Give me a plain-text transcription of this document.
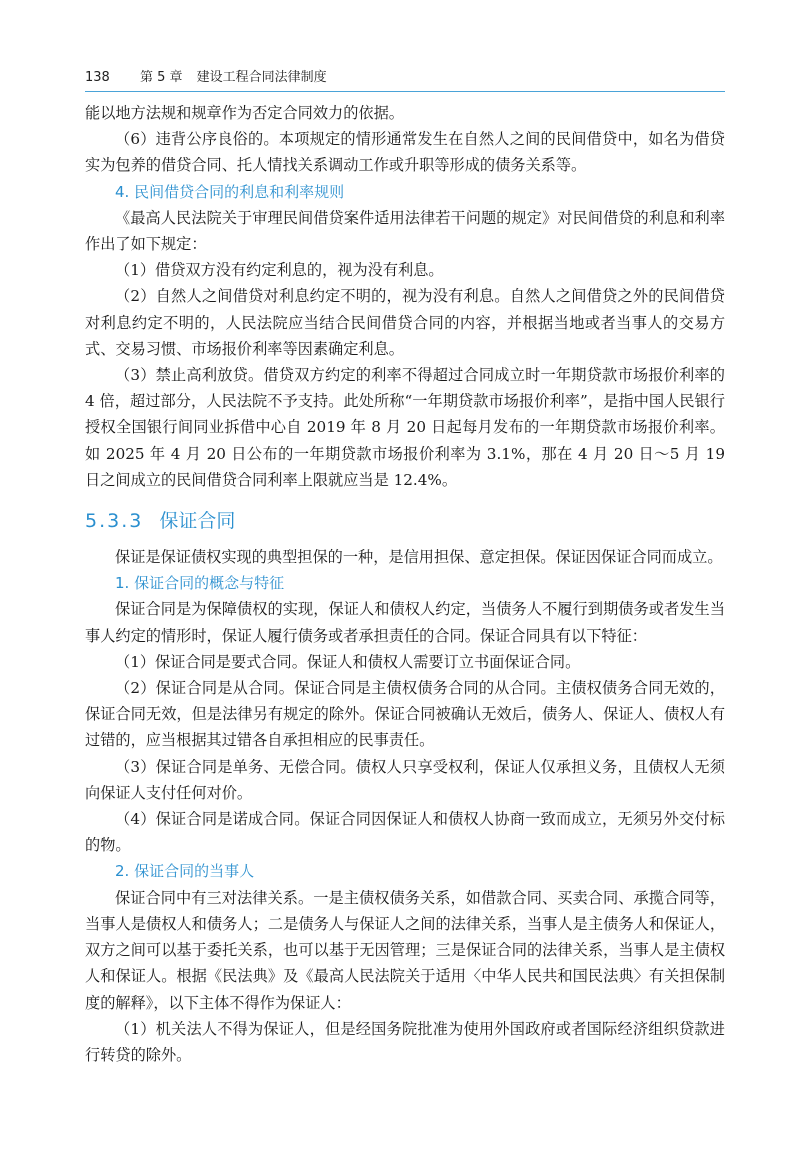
138 第 5 章 建设工程合同法律制度

能以地方法规和规章作为否定合同效力的依据。

（6）违背公序良俗的。本项规定的情形通常发生在自然人之间的民间借贷中，如名为借贷实为包养的借贷合同、托人情找关系调动工作或升职等形成的债务关系等。

4. 民间借贷合同的利息和利率规则

《最高人民法院关于审理民间借贷案件适用法律若干问题的规定》对民间借贷的利息和利率作出了如下规定：

（1）借贷双方没有约定利息的，视为没有利息。

（2）自然人之间借贷对利息约定不明的，视为没有利息。自然人之间借贷之外的民间借贷对利息约定不明的，人民法院应当结合民间借贷合同的内容，并根据当地或者当事人的交易方式、交易习惯、市场报价利率等因素确定利息。

（3）禁止高利放贷。借贷双方约定的利率不得超过合同成立时一年期贷款市场报价利率的 4 倍，超过部分，人民法院不予支持。此处所称“一年期贷款市场报价利率”，是指中国人民银行授权全国银行间同业拆借中心自 2019 年 8 月 20 日起每月发布的一年期贷款市场报价利率。如 2025 年 4 月 20 日公布的一年期贷款市场报价利率为 3.1%，那在 4 月 20 日～5 月 19 日之间成立的民间借贷合同利率上限就应当是 12.4%。

5.3.3 保证合同

保证是保证债权实现的典型担保的一种，是信用担保、意定担保。保证因保证合同而成立。

1. 保证合同的概念与特征

保证合同是为保障债权的实现，保证人和债权人约定，当债务人不履行到期债务或者发生当事人约定的情形时，保证人履行债务或者承担责任的合同。保证合同具有以下特征：

（1）保证合同是要式合同。保证人和债权人需要订立书面保证合同。

（2）保证合同是从合同。保证合同是主债权债务合同的从合同。主债权债务合同无效的，保证合同无效，但是法律另有规定的除外。保证合同被确认无效后，债务人、保证人、债权人有过错的，应当根据其过错各自承担相应的民事责任。

（3）保证合同是单务、无偿合同。债权人只享受权利，保证人仅承担义务，且债权人无须向保证人支付任何对价。

（4）保证合同是诺成合同。保证合同因保证人和债权人协商一致而成立，无须另外交付标的物。

2. 保证合同的当事人

保证合同中有三对法律关系。一是主债权债务关系，如借款合同、买卖合同、承揽合同等，当事人是债权人和债务人；二是债务人与保证人之间的法律关系，当事人是主债务人和保证人，双方之间可以基于委托关系，也可以基于无因管理；三是保证合同的法律关系，当事人是主债权人和保证人。根据《民法典》及《最高人民法院关于适用〈中华人民共和国民法典〉有关担保制度的解释》，以下主体不得作为保证人：

（1）机关法人不得为保证人，但是经国务院批准为使用外国政府或者国际经济组织贷款进行转贷的除外。
